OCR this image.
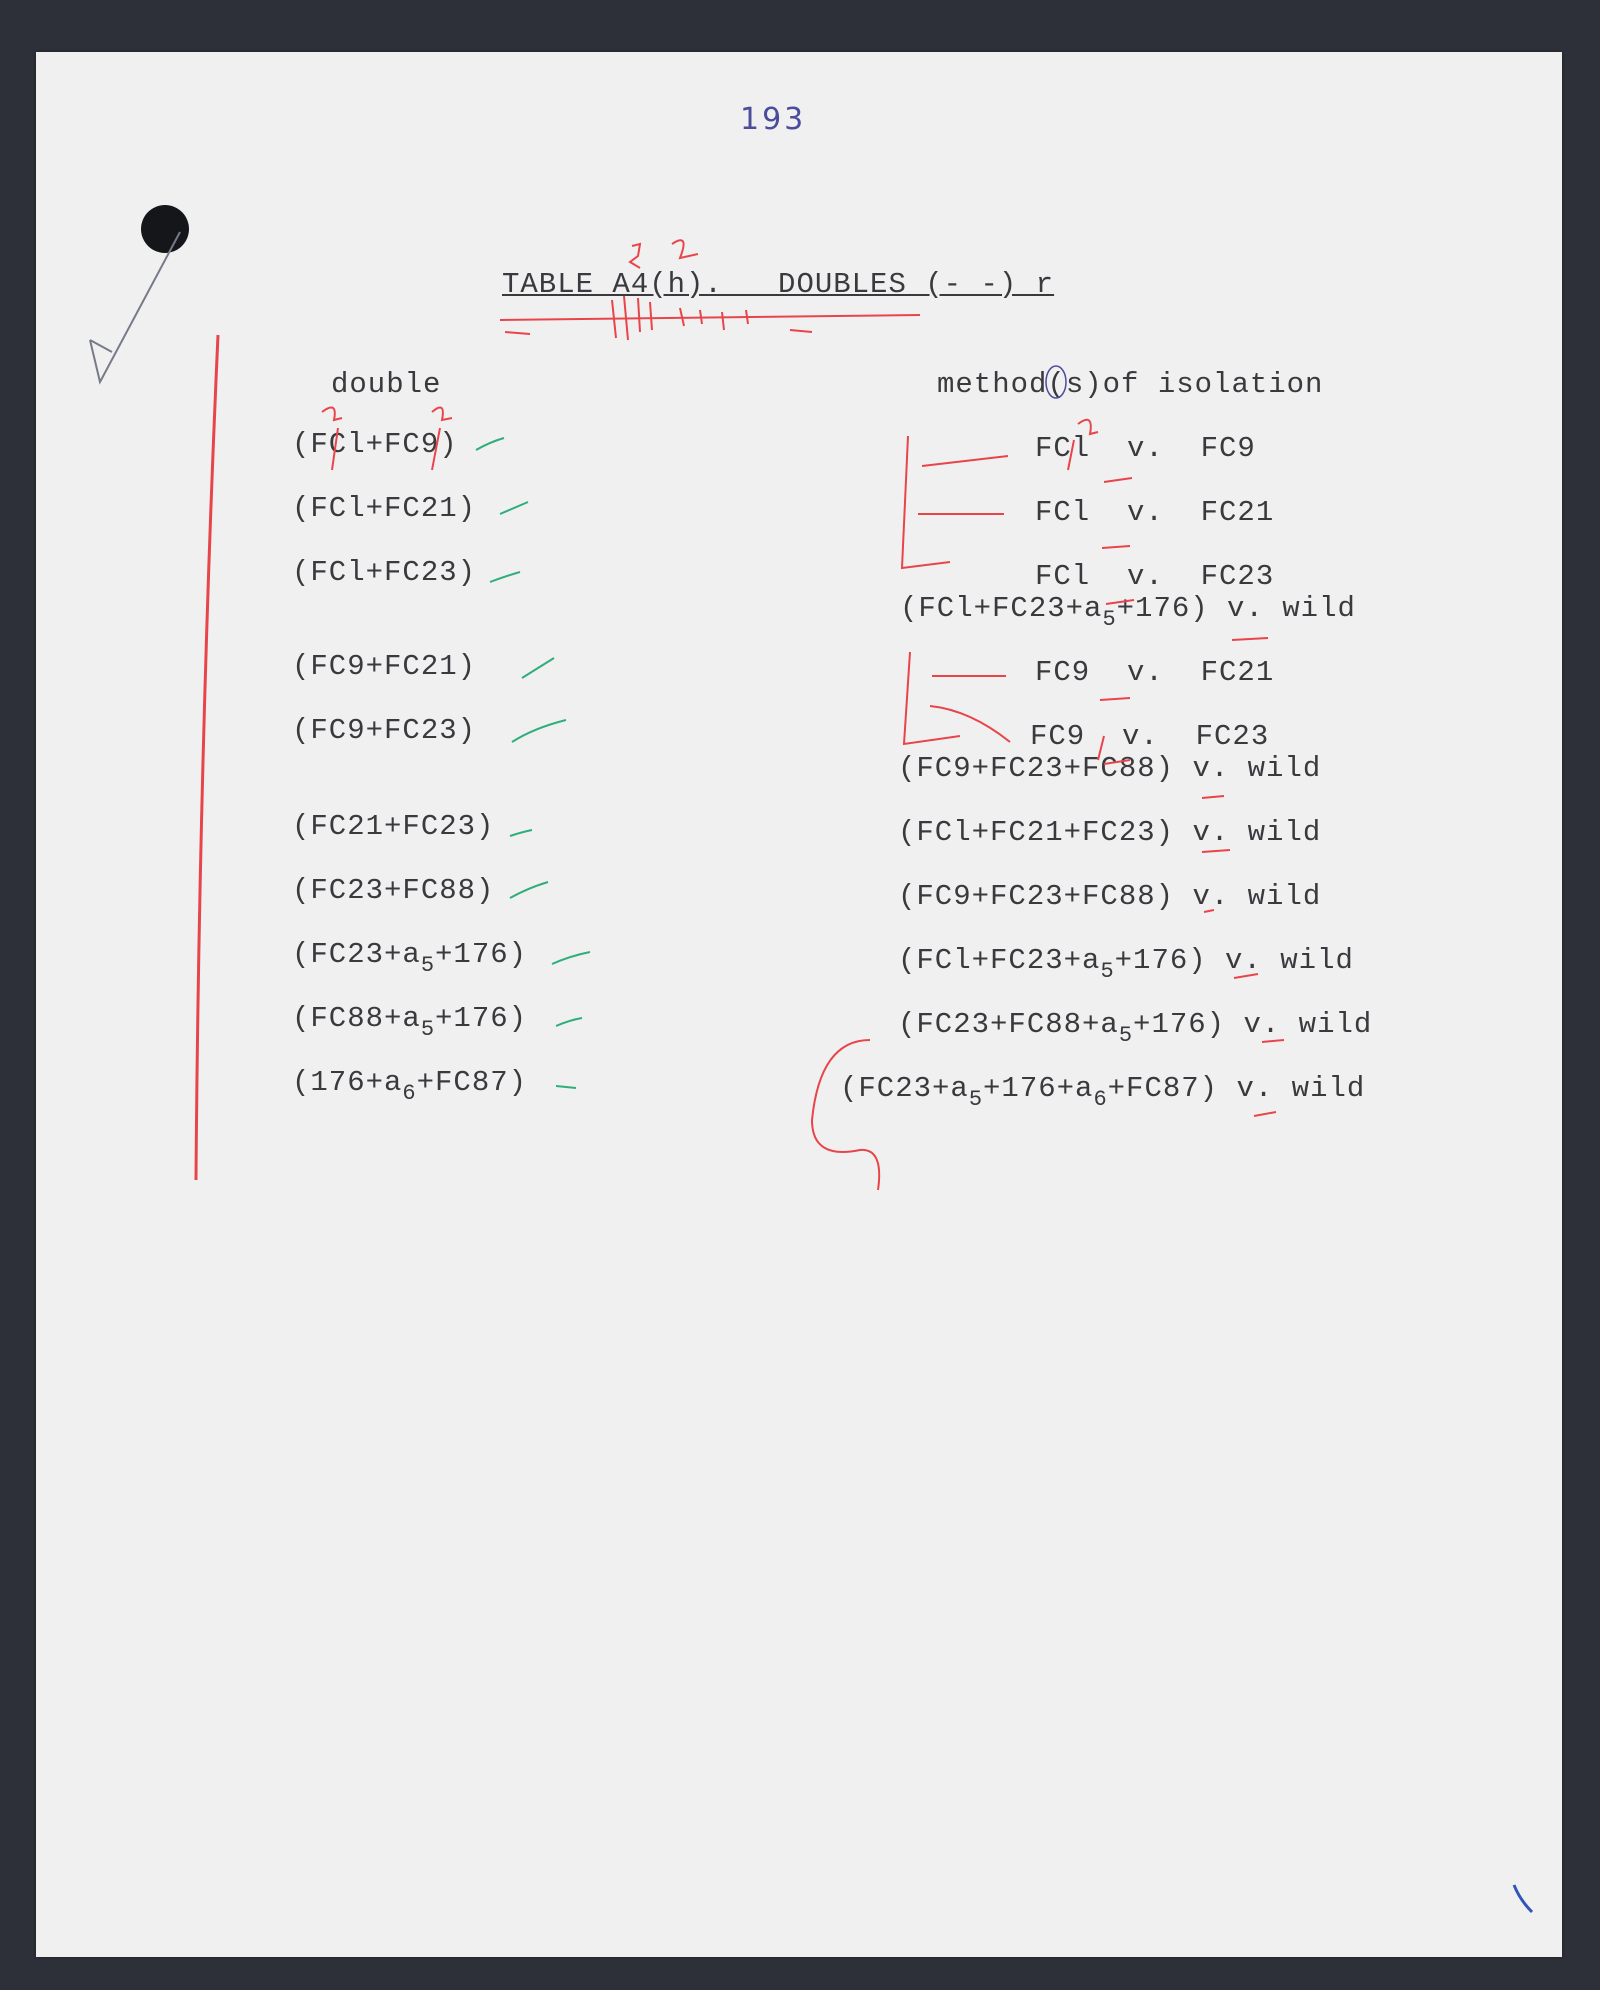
193
TABLE A4(h).   DOUBLES (- -) r
double	method(s)of isolation
(FCl+FC9)
(FCl+FC21)
(FCl+FC23)
(FC9+FC21)
(FC9+FC23)
(FC21+FC23)
(FC23+FC88)
$(FC23+a_5+176)$
$(FC88+a_5+176)$
$(176+a_6+FC87)$
FCl  v.  FC9
FCl  v.  FC21
FCl  v.  FC23
$(FCl+FC23+a_5+176)$ v. wild
FC9  v.  FC21
FC9  v.  FC23
(FC9+FC23+FC88) v. wild
(FCl+FC21+FC23) v. wild
(FC9+FC23+FC88) v. wild
$(FCl+FC23+a_5+176)$ v. wild
$(FC23+FC88+a_5+176)$ v. wild
$(FC23+a_5+176+a_6+FC87)$ v. wild
